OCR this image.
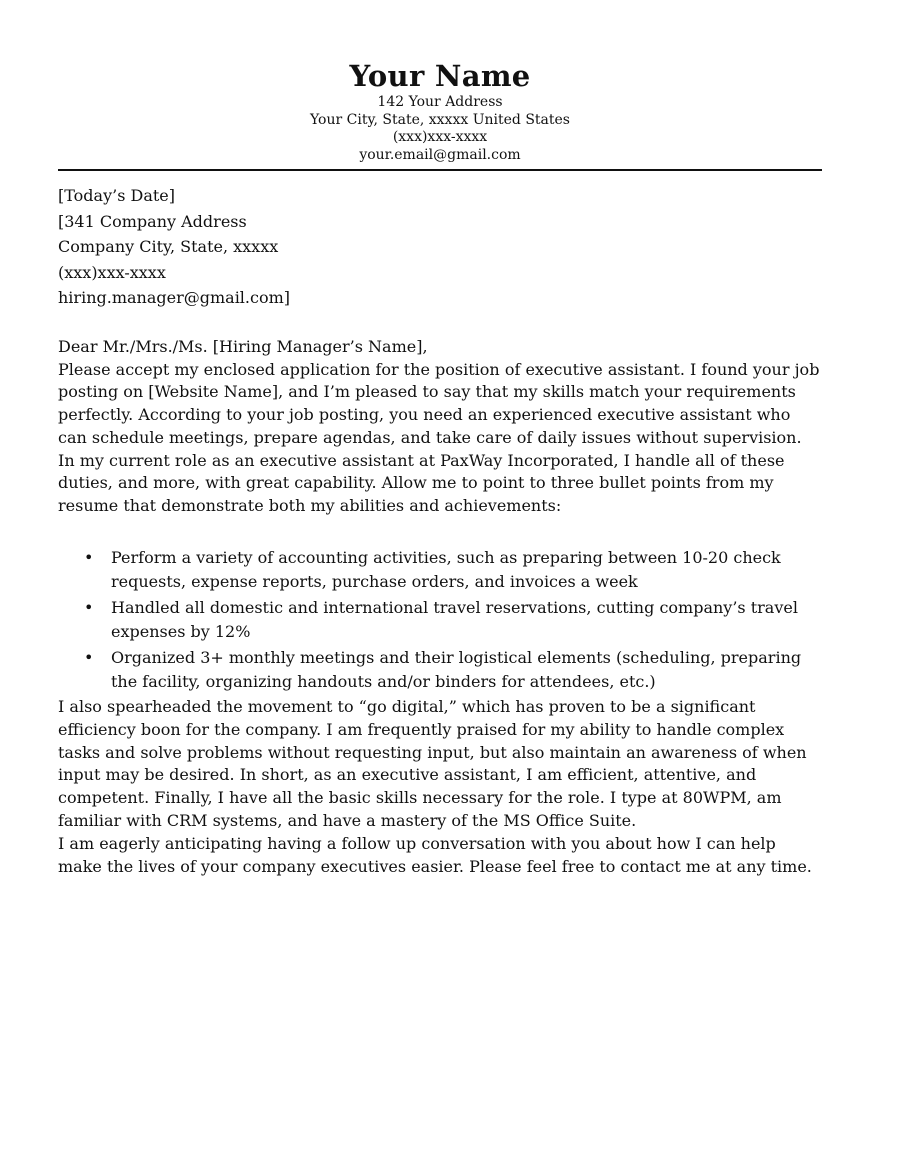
Your Name
142 Your Address
Your City, State, xxxxx United States
(xxx)xxx-xxxx
your.email@gmail.com
[Today’s Date]
[341 Company Address
Company City, State, xxxxx
(xxx)xxx-xxxx
hiring.manager@gmail.com]
Dear Mr./Mrs./Ms. [Hiring Manager’s Name],

Please accept my enclosed application for the position of executive assistant. I found your job posting on [Website Name], and I’m pleased to say that my skills match your requirements perfectly. According to your job posting, you need an experienced executive assistant who can schedule meetings, prepare agendas, and take care of daily issues without supervision.

In my current role as an executive assistant at PaxWay Incorporated, I handle all of these duties, and more, with great capability. Allow me to point to three bullet points from my resume that demonstrate both my abilities and achievements:

• Perform a variety of accounting activities, such as preparing between 10-20 check requests, expense reports, purchase orders, and invoices a week
• Handled all domestic and international travel reservations, cutting company’s travel expenses by 12%
• Organized 3+ monthly meetings and their logistical elements (scheduling, preparing the facility, organizing handouts and/or binders for attendees, etc.)

I also spearheaded the movement to “go digital,” which has proven to be a significant efficiency boon for the company. I am frequently praised for my ability to handle complex tasks and solve problems without requesting input, but also maintain an awareness of when input may be desired. In short, as an executive assistant, I am efficient, attentive, and competent. Finally, I have all the basic skills necessary for the role. I type at 80WPM, am familiar with CRM systems, and have a mastery of the MS Office Suite.

I am eagerly anticipating having a follow up conversation with you about how I can help make the lives of your company executives easier. Please feel free to contact me at any time.
